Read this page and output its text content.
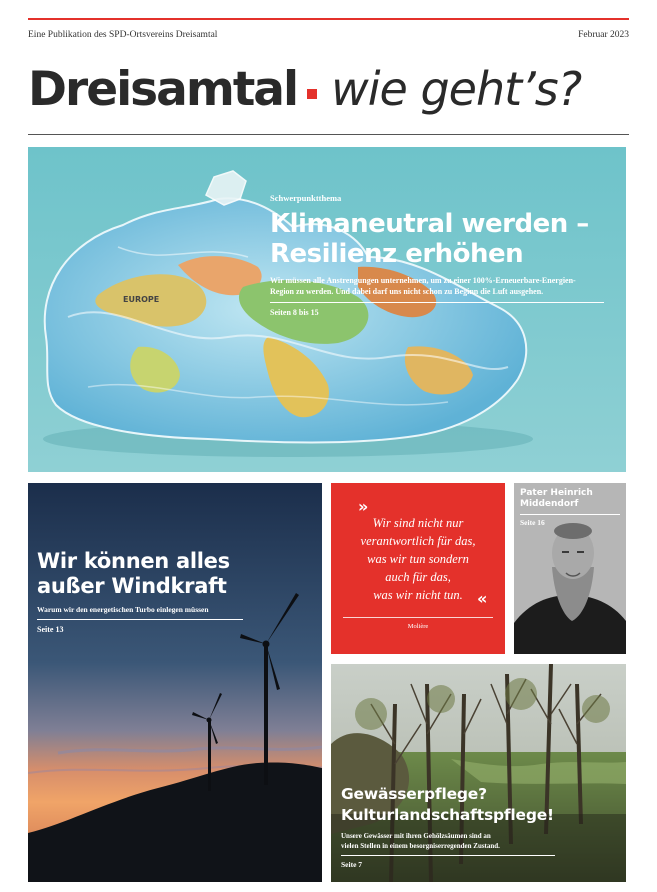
Eine Publikation des SPD-Ortsvereins Dreisamtal	Februar 2023
Dreisamtal wie geht’s?
EUROPE
Schwerpunktthema
Klimaneutral werden –
Resilienz erhöhen
Wir müssen alle Anstrengungen unternehmen, um zu einer 100%-Erneuerbare-Energien-
Region zu werden. Und dabei darf uns nicht schon zu Beginn die Luft ausgehen.
Seiten 8 bis 15
Wir können alles
außer Windkraft
Warum wir den energetischen Turbo einlegen müssen
Seite 13
»
Wir sind nicht nur
verantwortlich für das,
was wir tun sondern
auch für das,
was wir nicht tun. «
Molière
Pater Heinrich
Middendorf
Seite 16
Gewässerpflege?
Kulturlandschaftspflege!
Unsere Gewässer mit ihren Gehölzsäumen sind an
vielen Stellen in einem besorgniserregenden Zustand.
Seite 7
